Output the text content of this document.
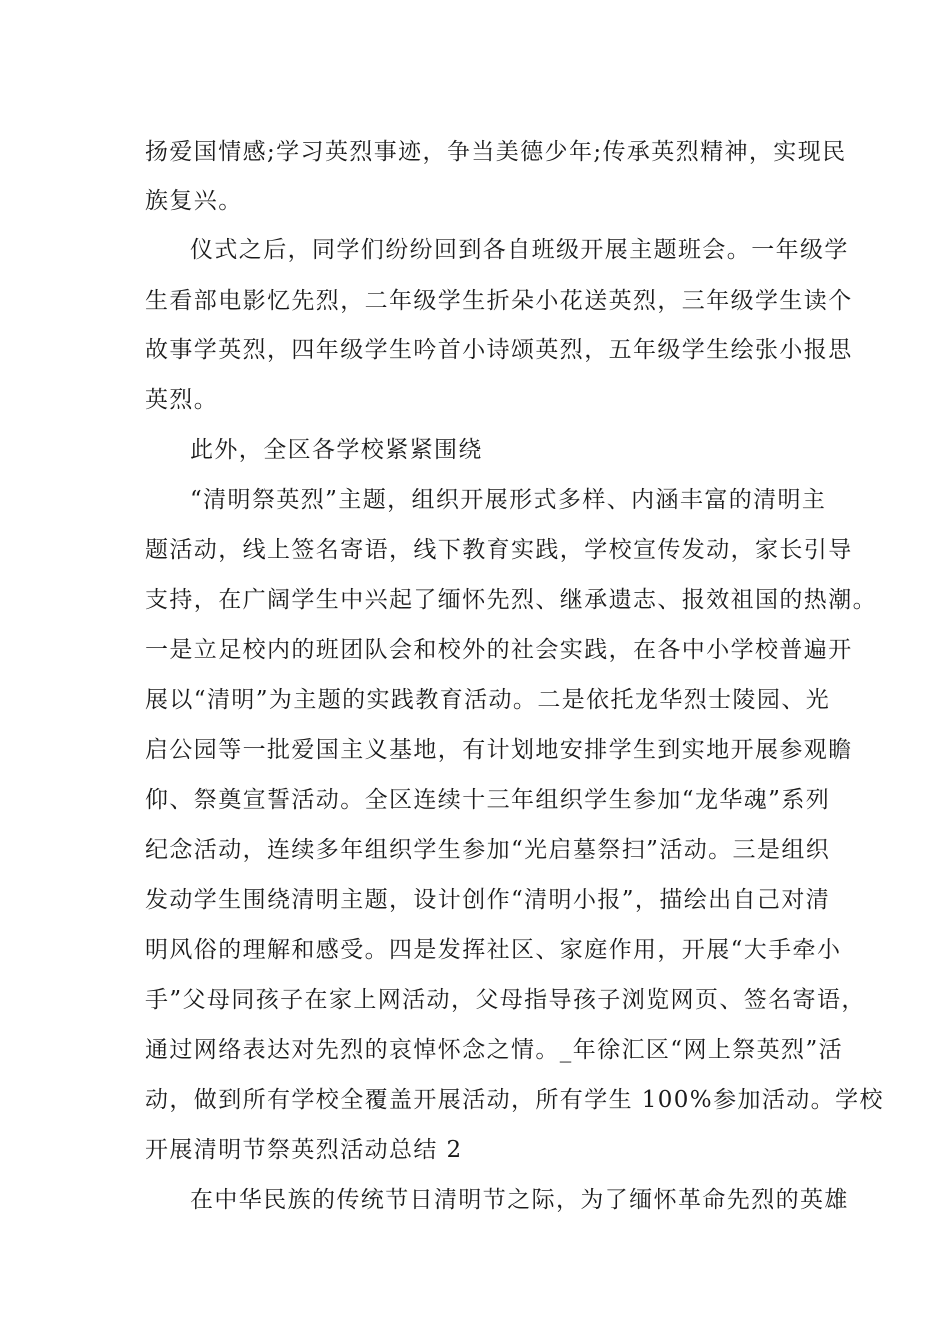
扬爱国情感;学习英烈事迹，争当美德少年;传承英烈精神，实现民
族复兴。
仪式之后，同学们纷纷回到各自班级开展主题班会。一年级学
生看部电影忆先烈，二年级学生折朵小花送英烈，三年级学生读个
故事学英烈，四年级学生吟首小诗颂英烈，五年级学生绘张小报思
英烈。
此外，全区各学校紧紧围绕
“清明祭英烈”主题，组织开展形式多样、内涵丰富的清明主
题活动，线上签名寄语，线下教育实践，学校宣传发动，家长引导
支持，在广阔学生中兴起了缅怀先烈、继承遗志、报效祖国的热潮。
一是立足校内的班团队会和校外的社会实践，在各中小学校普遍开
展以“清明”为主题的实践教育活动。二是依托龙华烈士陵园、光
启公园等一批爱国主义基地，有计划地安排学生到实地开展参观瞻
仰、祭奠宣誓活动。全区连续十三年组织学生参加“龙华魂”系列
纪念活动，连续多年组织学生参加“光启墓祭扫”活动。三是组织
发动学生围绕清明主题，设计创作“清明小报”，描绘出自己对清
明风俗的理解和感受。四是发挥社区、家庭作用，开展“大手牵小
手”父母同孩子在家上网活动，父母指导孩子浏览网页、签名寄语，
通过网络表达对先烈的哀悼怀念之情。_年徐汇区“网上祭英烈”活
动，做到所有学校全覆盖开展活动，所有学生 100%参加活动。学校
开展清明节祭英烈活动总结 2
在中华民族的传统节日清明节之际，为了缅怀革命先烈的英雄
